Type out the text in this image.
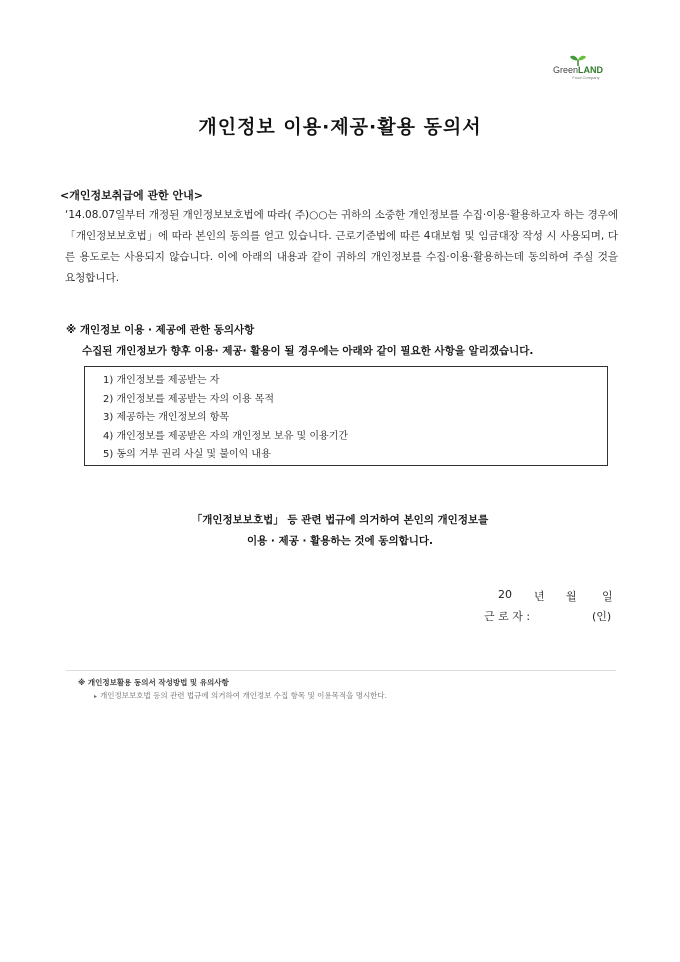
GreenLAND
Food Company
개인정보 이용·제공·활용 동의서
<개인정보취급에 관한 안내>
‘14.08.07일부터 개정된 개인정보보호법에 따라( 주)○○는 귀하의 소중한 개인정보를 수집·이용·활용하고자 하는 경우에 「개인정보보호법」에 따라 본인의 동의를 얻고 있습니다. 근로기준법에 따른 4대보험 및 임금대장 작성 시 사용되며, 다른 용도로는 사용되지 않습니다. 이에 아래의 내용과 같이 귀하의 개인정보를 수집·이용·활용하는데 동의하여 주실 것을 요청합니다.
※ 개인정보 이용 · 제공에 관한 동의사항
수집된 개인정보가 향후 이용· 제공· 활용이 될 경우에는 아래와 같이 필요한 사항을 알리겠습니다.
1) 개인정보를 제공받는 자
2) 개인정보를 제공받는 자의 이용 목적
3) 제공하는 개인정보의 항목
4) 개인정보를 제공받은 자의 개인정보 보유 및 이용기간
5) 동의 거부 권리 사실 및 불이익 내용
「개인정보보호법」 등 관련 법규에 의거하여 본인의 개인정보를
이용 · 제공 · 활용하는 것에 동의합니다.
20 년 월 일
근 로 자 :	(인)
※ 개인정보활용 동의서 작성방법 및 유의사항
▸ 개인정보보호법 등의 관련 법규에 의거하여 개인정보 수집 항목 및 이용목적을 명시한다.
